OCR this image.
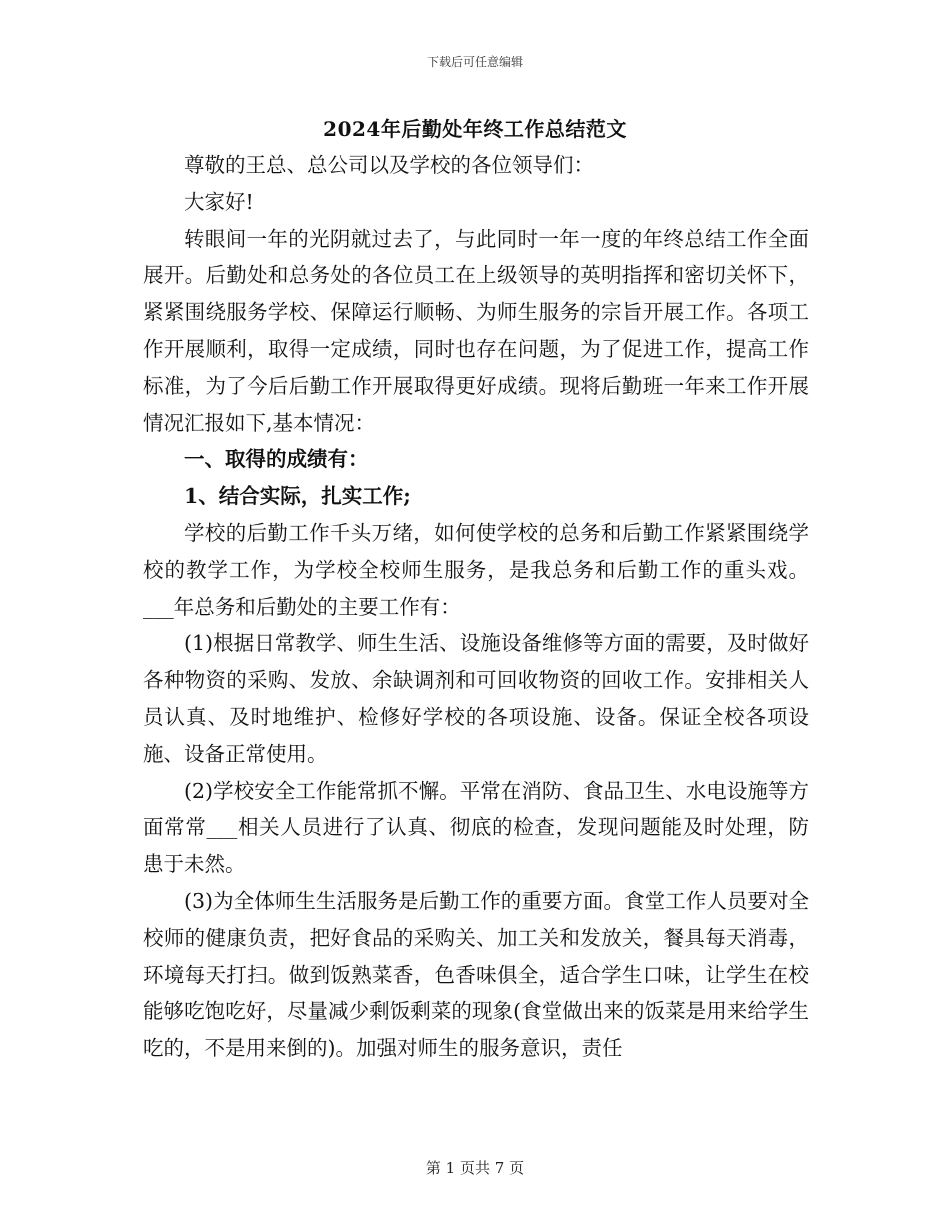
下载后可任意编辑
2024年后勤处年终工作总结范文

尊敬的王总、总公司以及学校的各位领导们：

大家好!

转眼间一年的光阴就过去了，与此同时一年一度的年终总结工作全面展开。后勤处和总务处的各位员工在上级领导的英明指挥和密切关怀下，紧紧围绕服务学校、保障运行顺畅、为师生服务的宗旨开展工作。各项工作开展顺利，取得一定成绩，同时也存在问题，为了促进工作，提高工作标准，为了今后后勤工作开展取得更好成绩。现将后勤班一年来工作开展情况汇报如下,基本情况：

一、取得的成绩有：

1、结合实际，扎实工作;

学校的后勤工作千头万绪，如何使学校的总务和后勤工作紧紧围绕学校的教学工作，为学校全校师生服务，是我总务和后勤工作的重头戏。___年总务和后勤处的主要工作有：

(1)根据日常教学、师生生活、设施设备维修等方面的需要，及时做好各种物资的采购、发放、余缺调剂和可回收物资的回收工作。安排相关人员认真、及时地维护、检修好学校的各项设施、设备。保证全校各项设施、设备正常使用。

(2)学校安全工作能常抓不懈。平常在消防、食品卫生、水电设施等方面常常___相关人员进行了认真、彻底的检查，发现问题能及时处理，防患于未然。

(3)为全体师生生活服务是后勤工作的重要方面。食堂工作人员要对全校师的健康负责，把好食品的采购关、加工关和发放关，餐具每天消毒，环境每天打扫。做到饭熟菜香，色香味俱全，适合学生口味，让学生在校能够吃饱吃好，尽量减少剩饭剩菜的现象(食堂做出来的饭菜是用来给学生吃的，不是用来倒的)。加强对师生的服务意识，责任

第 1 页共 7 页
